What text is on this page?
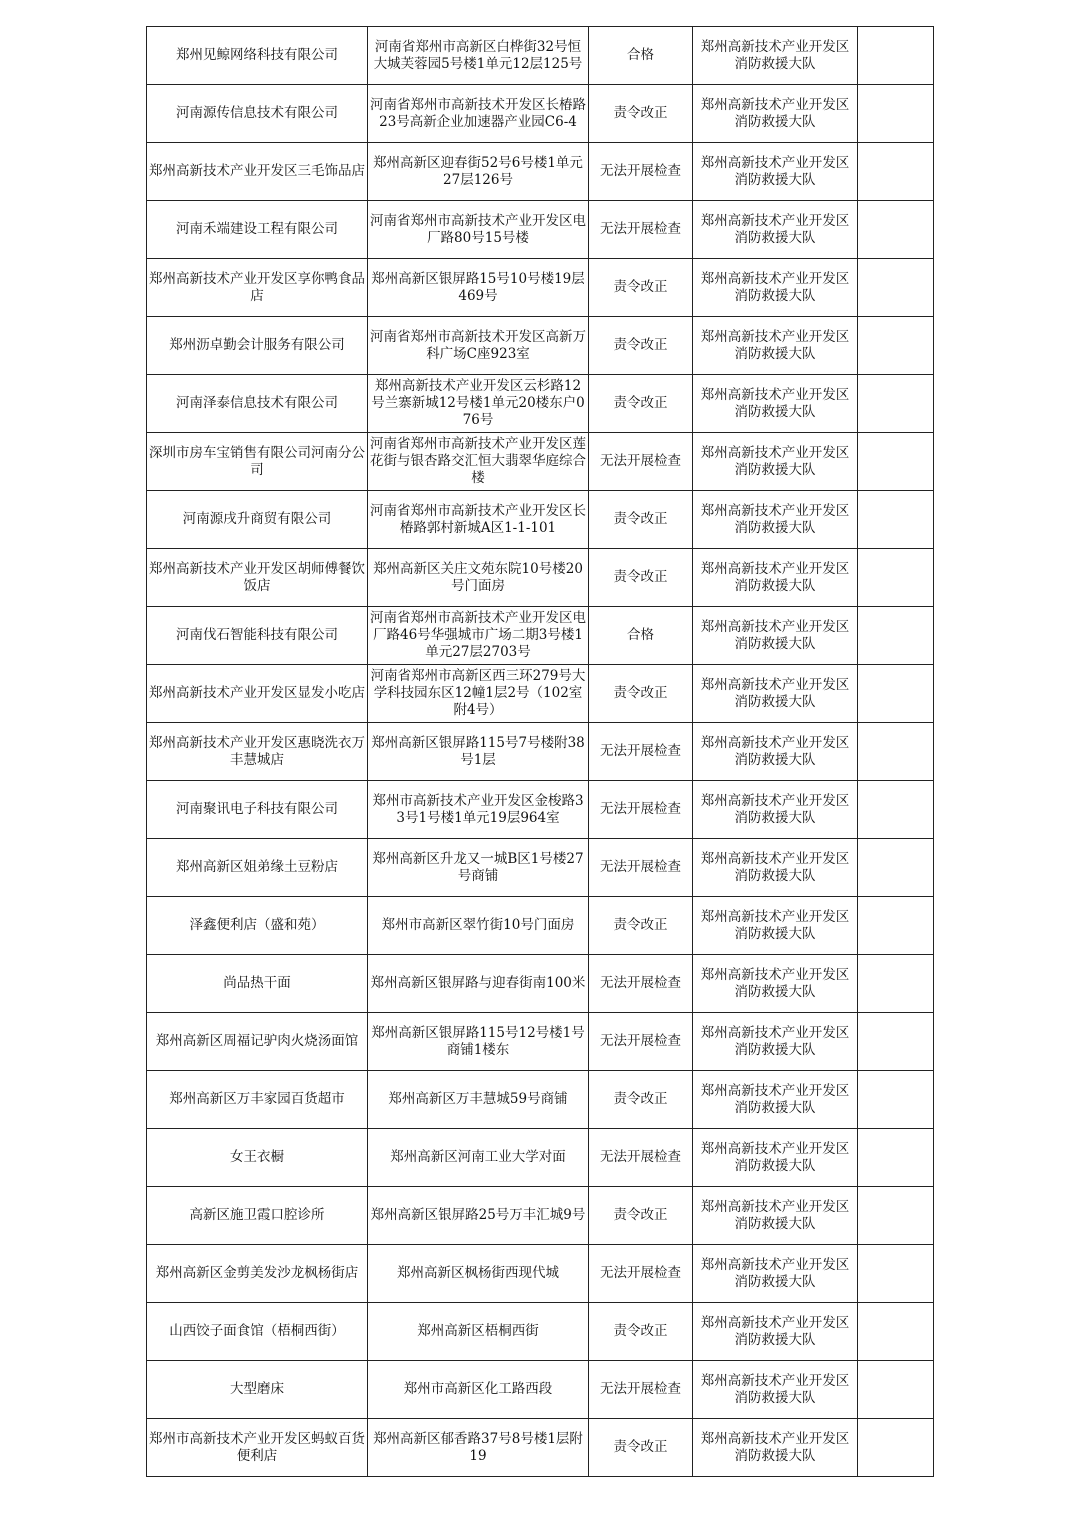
郑州见鲸网络科技有限公司	河南省郑州市高新区白桦街32号恒大城芙蓉园5号楼1单元12层125号	合格	郑州高新技术产业开发区消防救援大队	
河南源传信息技术有限公司	河南省郑州市高新技术开发区长椿路23号高新企业加速器产业园C6-4	责令改正	郑州高新技术产业开发区消防救援大队	
郑州高新技术产业开发区三毛饰品店	郑州高新区迎春街52号6号楼1单元27层126号	无法开展检查	郑州高新技术产业开发区消防救援大队	
河南禾端建设工程有限公司	河南省郑州市高新技术产业开发区电厂路80号15号楼	无法开展检查	郑州高新技术产业开发区消防救援大队	
郑州高新技术产业开发区享你鸭食品店	郑州高新区银屏路15号10号楼19层469号	责令改正	郑州高新技术产业开发区消防救援大队	
郑州沥卓勤会计服务有限公司	河南省郑州市高新技术开发区高新万科广场C座923室	责令改正	郑州高新技术产业开发区消防救援大队	
河南泽泰信息技术有限公司	郑州高新技术产业开发区云杉路12号兰寨新城12号楼1单元20楼东户076号	责令改正	郑州高新技术产业开发区消防救援大队	
深圳市房车宝销售有限公司河南分公司	河南省郑州市高新技术产业开发区莲花街与银杏路交汇恒大翡翠华庭综合楼	无法开展检查	郑州高新技术产业开发区消防救援大队	
河南源戌升商贸有限公司	河南省郑州市高新技术产业开发区长椿路郭村新城A区1-1-101	责令改正	郑州高新技术产业开发区消防救援大队	
郑州高新技术产业开发区胡师傅餐饮饭店	郑州高新区关庄文苑东院10号楼20号门面房	责令改正	郑州高新技术产业开发区消防救援大队	
河南伐石智能科技有限公司	河南省郑州市高新技术产业开发区电厂路46号华强城市广场二期3号楼1单元27层2703号	合格	郑州高新技术产业开发区消防救援大队	
郑州高新技术产业开发区显发小吃店	河南省郑州市高新区西三环279号大学科技园东区12幢1层2号（102室附4号）	责令改正	郑州高新技术产业开发区消防救援大队	
郑州高新技术产业开发区惠晓洗衣万丰慧城店	郑州高新区银屏路115号7号楼附38号1层	无法开展检查	郑州高新技术产业开发区消防救援大队	
河南聚讯电子科技有限公司	郑州市高新技术产业开发区金梭路33号1号楼1单元19层964室	无法开展检查	郑州高新技术产业开发区消防救援大队	
郑州高新区姐弟缘土豆粉店	郑州高新区升龙又一城B区1号楼27号商铺	无法开展检查	郑州高新技术产业开发区消防救援大队	
泽鑫便利店（盛和苑）	郑州市高新区翠竹街10号门面房	责令改正	郑州高新技术产业开发区消防救援大队	
尚品热干面	郑州高新区银屏路与迎春街南100米	无法开展检查	郑州高新技术产业开发区消防救援大队	
郑州高新区周福记驴肉火烧汤面馆	郑州高新区银屏路115号12号楼1号商铺1楼东	无法开展检查	郑州高新技术产业开发区消防救援大队	
郑州高新区万丰家园百货超市	郑州高新区万丰慧城59号商铺	责令改正	郑州高新技术产业开发区消防救援大队	
女王衣橱	郑州高新区河南工业大学对面	无法开展检查	郑州高新技术产业开发区消防救援大队	
高新区施卫霞口腔诊所	郑州高新区银屏路25号万丰汇城9号	责令改正	郑州高新技术产业开发区消防救援大队	
郑州高新区金剪美发沙龙枫杨街店	郑州高新区枫杨街西现代城	无法开展检查	郑州高新技术产业开发区消防救援大队	
山西饺子面食馆（梧桐西街）	郑州高新区梧桐西街	责令改正	郑州高新技术产业开发区消防救援大队	
大型磨床	郑州市高新区化工路西段	无法开展检查	郑州高新技术产业开发区消防救援大队	
郑州市高新技术产业开发区蚂蚁百货便利店	郑州高新区郁香路37号8号楼1层附19	责令改正	郑州高新技术产业开发区消防救援大队	
